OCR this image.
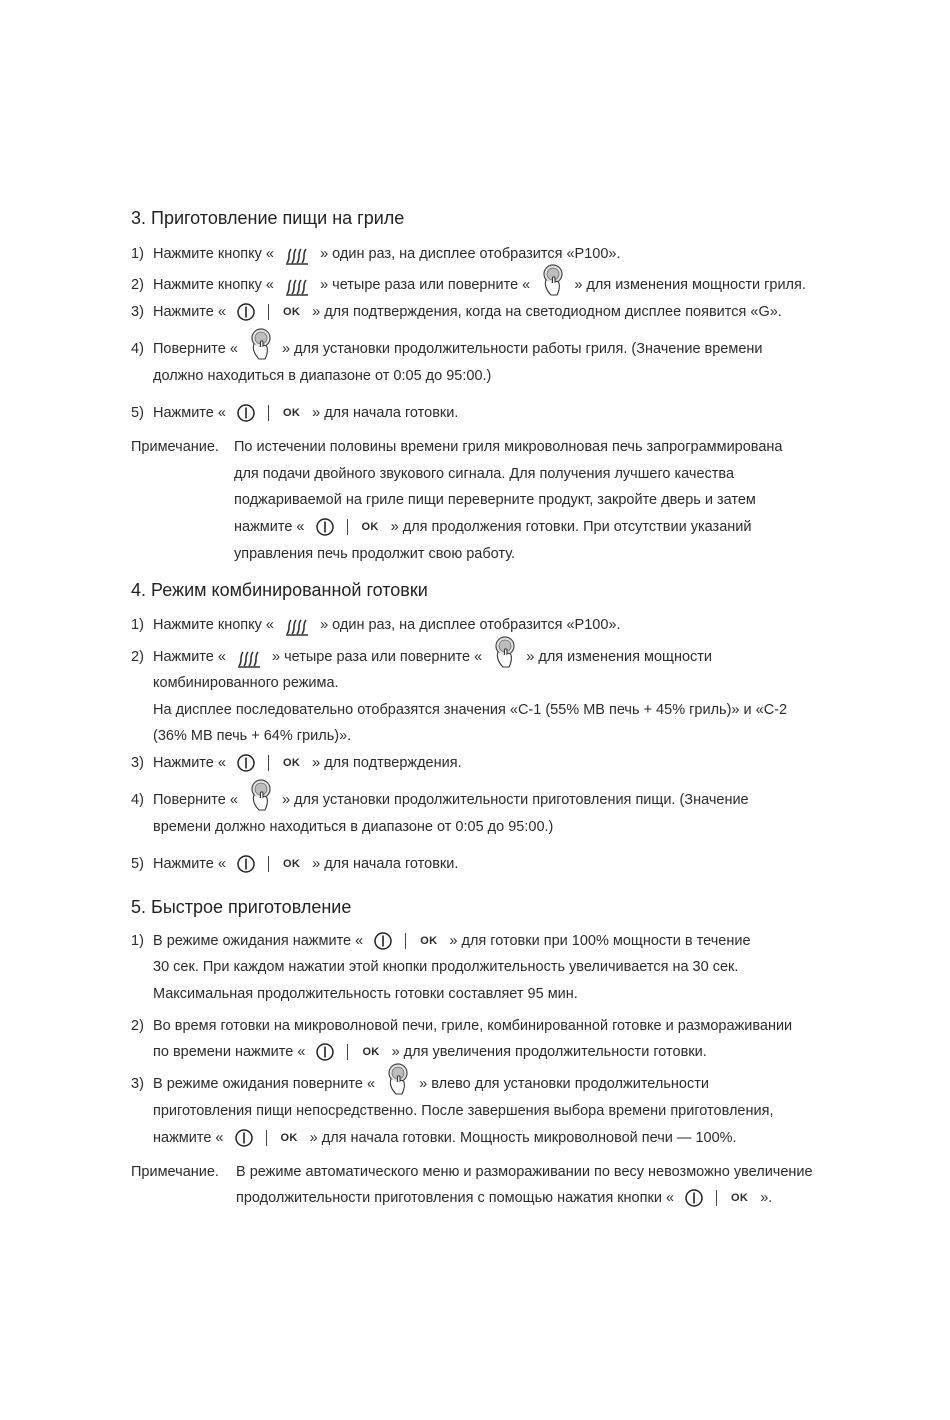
3. Приготовление пищи на гриле
1) Нажмите кнопку «	» один раз, на дисплее отобразится «P100».
2) Нажмите кнопку «	» четыре раза или поверните «	» для изменения мощности гриля.
3) Нажмите «	OK » для подтверждения, когда на светодиодном дисплее появится «G».
4) Поверните «	» для установки продолжительности работы гриля. (Значение времени
должно находиться в диапазоне от 0:05 до 95:00.)
5) Нажмите «	OK » для начала готовки.
Примечание. По истечении половины времени гриля микроволновая печь запрограммирована
для подачи двойного звукового сигнала. Для получения лучшего качества
поджариваемой на гриле пищи переверните продукт, закройте дверь и затем
нажмите «	OK » для продолжения готовки. При отсутствии указаний
управления печь продолжит свою работу.
4. Режим комбинированной готовки
1) Нажмите кнопку «	» один раз, на дисплее отобразится «P100».
2) Нажмите «	» четыре раза или поверните «	» для изменения мощности
комбинированного режима.
На дисплее последовательно отобразятся значения «C-1 (55% МВ печь + 45% гриль)» и «C-2
(36% МВ печь + 64% гриль)».
3) Нажмите «	OK » для подтверждения.
4) Поверните «	» для установки продолжительности приготовления пищи. (Значение
времени должно находиться в диапазоне от 0:05 до 95:00.)
5) Нажмите «	OK » для начала готовки.
5. Быстрое приготовление
1) В режиме ожидания нажмите «	OK » для готовки при 100% мощности в течение
30 сек. При каждом нажатии этой кнопки продолжительность увеличивается на 30 сек.
Максимальная продолжительность готовки составляет 95 мин.
2) Во время готовки на микроволновой печи, гриле, комбинированной готовке и размораживании
по времени нажмите «	OK » для увеличения продолжительности готовки.
3) В режиме ожидания поверните «	» влево для установки продолжительности
приготовления пищи непосредственно. После завершения выбора времени приготовления,
нажмите «	OK » для начала готовки. Мощность микроволновой печи — 100%.
Примечание. В режиме автоматического меню и размораживании по весу невозможно увеличение
продолжительности приготовления с помощью нажатия кнопки «	OK ».
